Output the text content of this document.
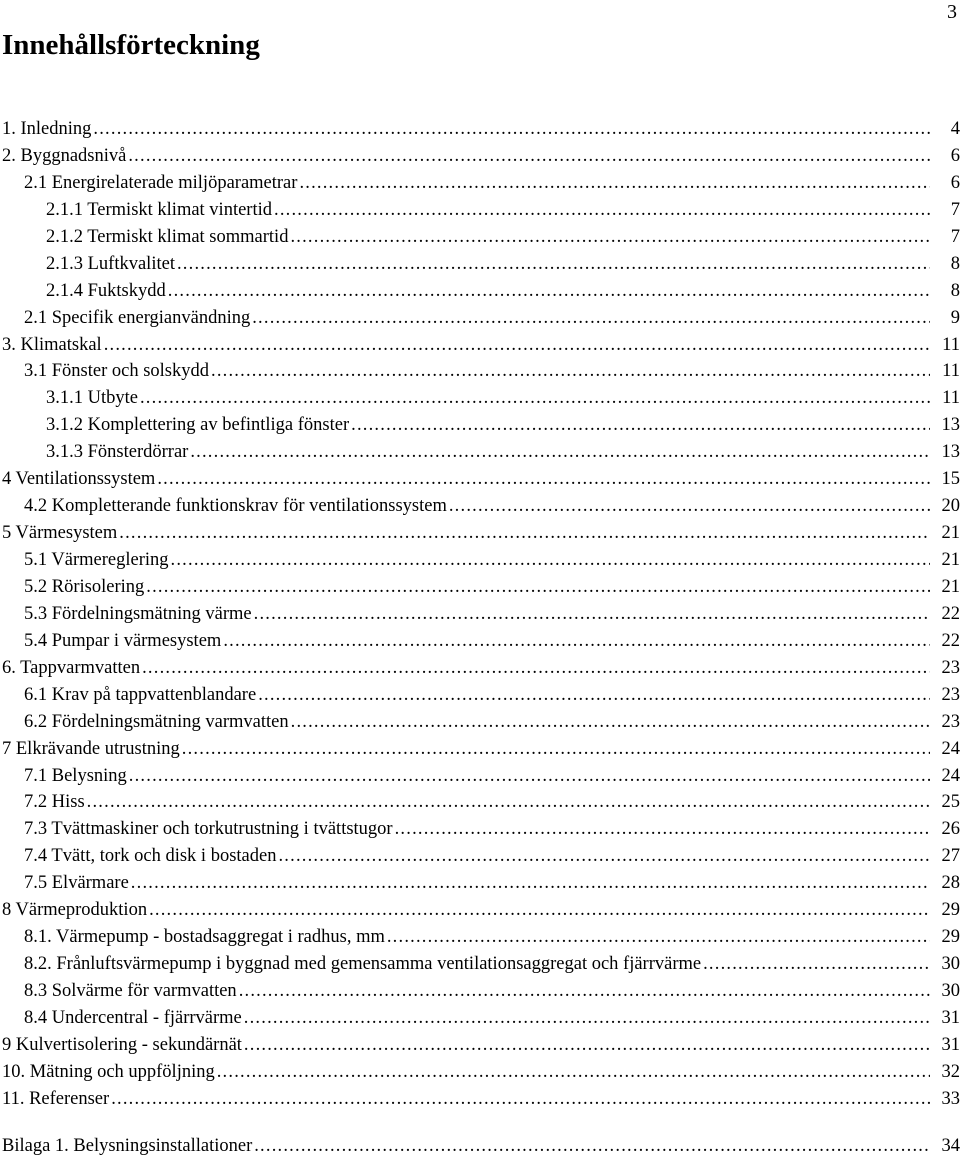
3
Innehållsförteckning
1. Inledning .....	4
2. Byggnadsnivå .....	6
2.1 Energirelaterade miljöparametrar .....	6
2.1.1 Termiskt klimat vintertid .....	7
2.1.2 Termiskt klimat sommartid .....	7
2.1.3 Luftkvalitet .....	8
2.1.4 Fuktskydd .....	8
2.1 Specifik energianvändning .....	9
3. Klimatskal .....	11
3.1 Fönster och solskydd .....	11
3.1.1 Utbyte .....	11
3.1.2 Komplettering av befintliga fönster .....	13
3.1.3 Fönsterdörrar .....	13
4 Ventilationssystem .....	15
4.2 Kompletterande funktionskrav för ventilationssystem .....	20
5 Värmesystem .....	21
5.1 Värmereglering .....	21
5.2 Rörisolering .....	21
5.3 Fördelningsmätning värme .....	22
5.4 Pumpar i värmesystem .....	22
6. Tappvarmvatten .....	23
6.1 Krav på tappvattenblandare .....	23
6.2 Fördelningsmätning varmvatten .....	23
7 Elkrävande utrustning .....	24
7.1 Belysning .....	24
7.2 Hiss .....	25
7.3 Tvättmaskiner och torkutrustning i tvättstugor .....	26
7.4 Tvätt, tork och disk i bostaden .....	27
7.5 Elvärmare .....	28
8 Värmeproduktion .....	29
8.1. Värmepump - bostadsaggregat i radhus, mm .....	29
8.2. Frånluftsvärmepump i byggnad med gemensamma ventilationsaggregat och fjärrvärme .....	30
8.3 Solvärme för varmvatten .....	30
8.4 Undercentral - fjärrvärme .....	31
9 Kulvertisolering - sekundärnät .....	31
10. Mätning och uppföljning .....	32
11. Referenser .....	33
Bilaga 1. Belysningsinstallationer .....	34
